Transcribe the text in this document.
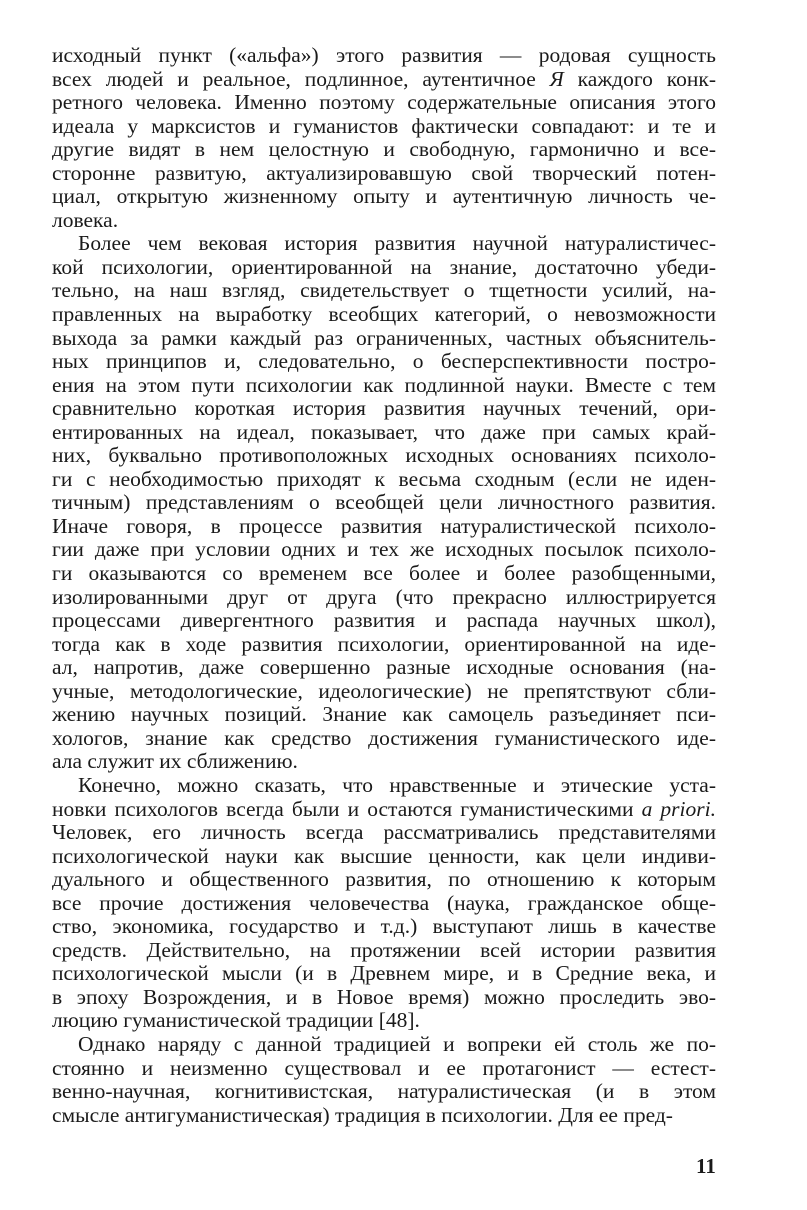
исходный пункт («альфа») этого развития — родовая сущность
всех людей и реальное, подлинное, аутентичное Я каждого конк-
ретного человека. Именно поэтому содержательные описания этого
идеала у марксистов и гуманистов фактически совпадают: и те и
другие видят в нем целостную и свободную, гармонично и все-
сторонне развитую, актуализировавшую свой творческий потен-
циал, открытую жизненному опыту и аутентичную личность че-
ловека.
Более чем вековая история развития научной натуралистичес-
кой психологии, ориентированной на знание, достаточно убеди-
тельно, на наш взгляд, свидетельствует о тщетности усилий, на-
правленных на выработку всеобщих категорий, о невозможности
выхода за рамки каждый раз ограниченных, частных объяснитель-
ных принципов и, следовательно, о бесперспективности постро-
ения на этом пути психологии как подлинной науки. Вместе с тем
сравнительно короткая история развития научных течений, ори-
ентированных на идеал, показывает, что даже при самых край-
них, буквально противоположных исходных основаниях психоло-
ги с необходимостью приходят к весьма сходным (если не иден-
тичным) представлениям о всеобщей цели личностного развития.
Иначе говоря, в процессе развития натуралистической психоло-
гии даже при условии одних и тех же исходных посылок психоло-
ги оказываются со временем все более и более разобщенными,
изолированными друг от друга (что прекрасно иллюстрируется
процессами дивергентного развития и распада научных школ),
тогда как в ходе развития психологии, ориентированной на иде-
ал, напротив, даже совершенно разные исходные основания (на-
учные, методологические, идеологические) не препятствуют сбли-
жению научных позиций. Знание как самоцель разъединяет пси-
хологов, знание как средство достижения гуманистического иде-
ала служит их сближению.
Конечно, можно сказать, что нравственные и этические уста-
новки психологов всегда были и остаются гуманистическими a priori.
Человек, его личность всегда рассматривались представителями
психологической науки как высшие ценности, как цели индиви-
дуального и общественного развития, по отношению к которым
все прочие достижения человечества (наука, гражданское обще-
ство, экономика, государство и т.д.) выступают лишь в качестве
средств. Действительно, на протяжении всей истории развития
психологической мысли (и в Древнем мире, и в Средние века, и
в эпоху Возрождения, и в Новое время) можно проследить эво-
люцию гуманистической традиции [48].
Однако наряду с данной традицией и вопреки ей столь же по-
стоянно и неизменно существовал и ее протагонист — естест-
венно-научная, когнитивистская, натуралистическая (и в этом
смысле антигуманистическая) традиция в психологии. Для ее пред-
11
